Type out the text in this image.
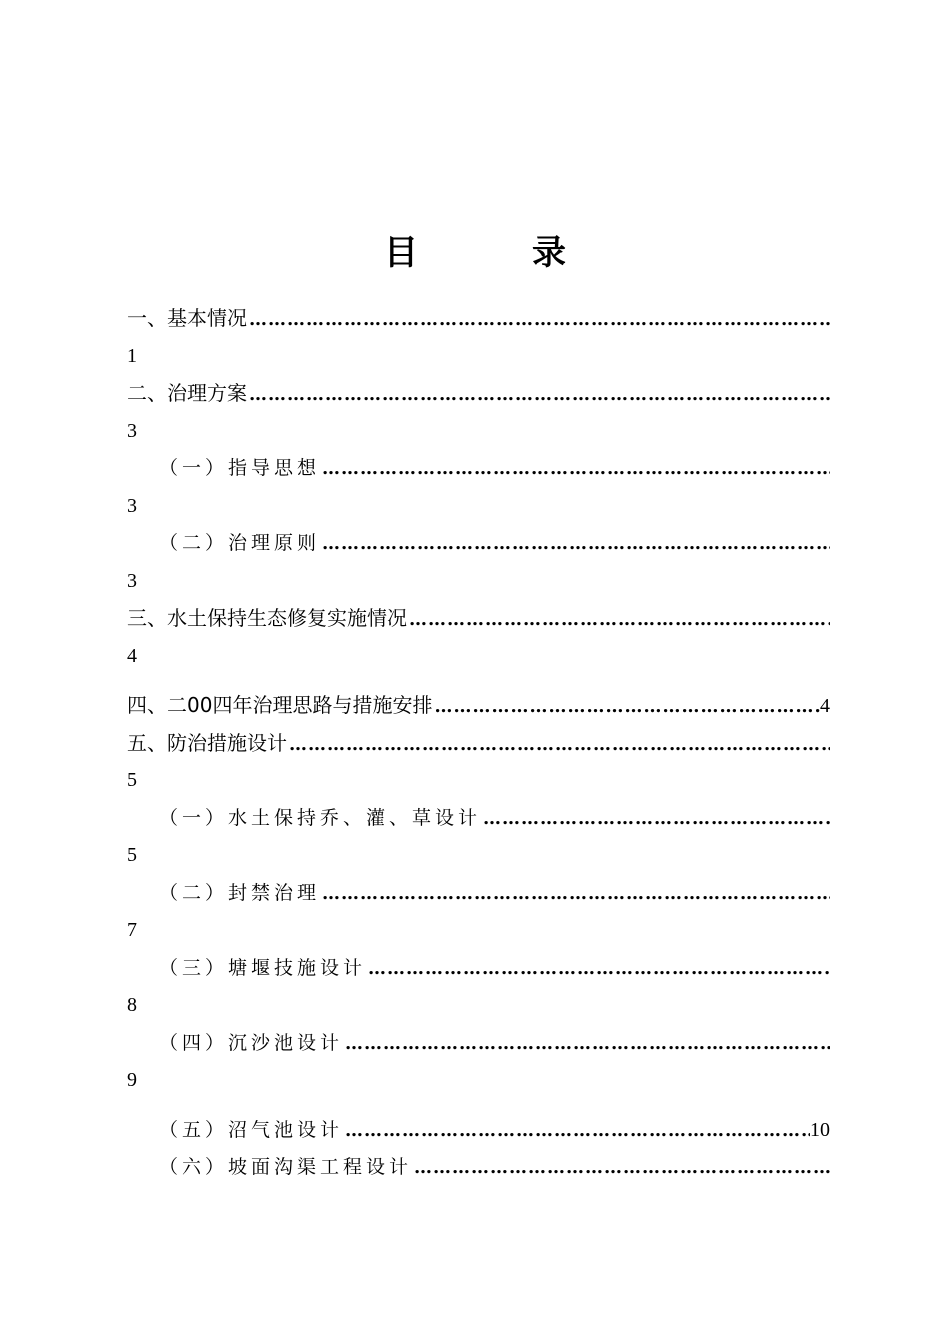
目　录
一、基本情况
……………………………………………………………………………………………………………………
1
二、治理方案
……………………………………………………………………………………………………………………
3
（一）指导思想
……………………………………………………………………………………………………………………
3
（二）治理原则
……………………………………………………………………………………………………………………
3
三、水土保持生态修复实施情况
……………………………………………………………………………………………………………………
4
四、二00四年治理思路与措施安排 ……………………………………………………………………………………………………………………	4
五、防治措施设计
……………………………………………………………………………………………………………………
5
（一）水土保持乔、灌、草设计
……………………………………………………………………………………………………………………
5
（二）封禁治理
……………………………………………………………………………………………………………………
7
（三）塘堰技施设计
……………………………………………………………………………………………………………………
8
（四）沉沙池设计
……………………………………………………………………………………………………………………
9
（五）沼气池设计 ……………………………………………………………………………………………………………………	10
（六）坡面沟渠工程设计
……………………………………………………………………………………………………………………
